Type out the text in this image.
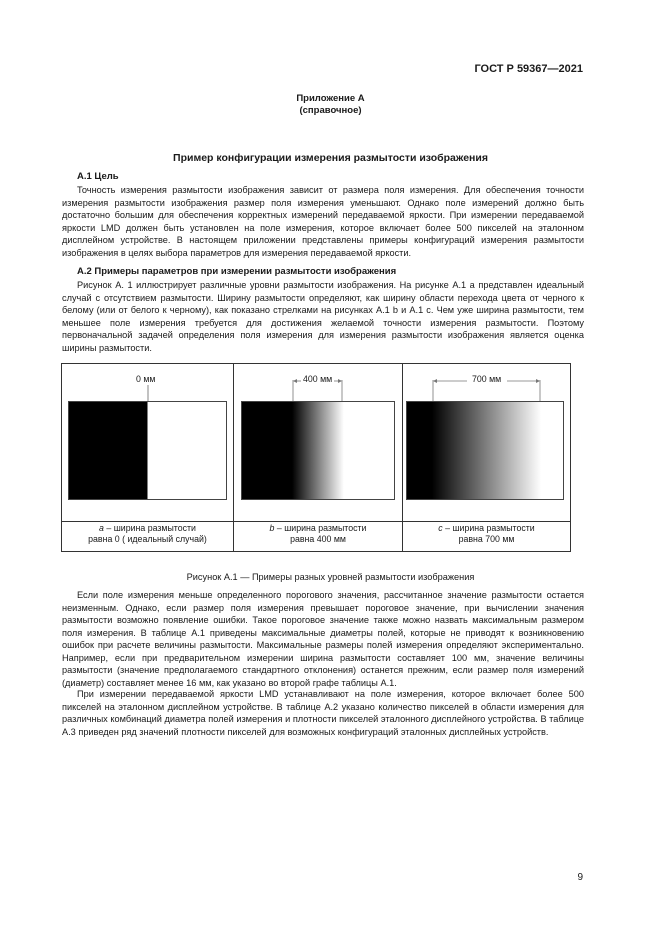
ГОСТ Р 59367—2021
Приложение А
(справочное)
Пример конфигурации измерения размытости изображения
А.1 Цель
Точность измерения размытости изображения зависит от размера поля измерения. Для обеспечения точности измерения размытости изображения размер поля измерения уменьшают. Однако поле измерений должно быть достаточно большим для обеспечения корректных измерений передаваемой яркости. При измерении передаваемой яркости LMD должен быть установлен на поле измерения, которое включает более 500 пикселей на эталонном дисплейном устройстве. В настоящем приложении представлены примеры конфигураций измерения размытости изображения в целях выбора параметров для измерения передаваемой яркости.
А.2 Примеры параметров при измерении размытости изображения
Рисунок А. 1 иллюстрирует различные уровни размытости изображения. На рисунке А.1 a представлен идеальный случай с отсутствием размытости. Ширину размытости определяют, как ширину области перехода цвета от черного к белому (или от белого к черному), как показано стрелками на рисунках А.1 b и А.1 c. Чем уже ширина размытости, тем меньшее поле измерения требуется для достижения желаемой точности измерения размытости. Поэтому первоначальной задачей определения поля измерения для измерения размытости изображения является оценка ширины размытости.
0 мм
a – ширина размытости
равна 0 ( идеальный случай)
400 мм
b – ширина размытости
равна 400 мм
700 мм
c – ширина размытости
равна 700 мм
Рисунок А.1 — Примеры разных уровней размытости изображения
Если поле измерения меньше определенного порогового значения, рассчитанное значение размытости остается неизменным. Однако, если размер поля измерения превышает пороговое значение, при вычислении значения размытости возможно появление ошибки. Такое пороговое значение также можно назвать максимальным размером поля измерения. В таблице А.1 приведены максимальные диаметры полей, которые не приводят к возникновению ошибок при расчете величины размытости. Максимальные размеры полей измерения определяют экспериментально. Например, если при предварительном измерении ширина размытости составляет 100 мм, значение величины размытости (значение предполагаемого стандартного отклонения) останется прежним, если размер поля измерений (диаметр) составляет менее 16 мм, как указано во второй графе таблицы А.1.
При измерении передаваемой яркости LMD устанавливают на поле измерения, которое включает более 500 пикселей на эталонном дисплейном устройстве. В таблице А.2 указано количество пикселей в области измерения для различных комбинаций диаметра полей измерения и плотности пикселей эталонного дисплейного устройства. В таблице А.3 приведен ряд значений плотности пикселей для возможных конфигураций эталонных дисплейных устройств.
9
